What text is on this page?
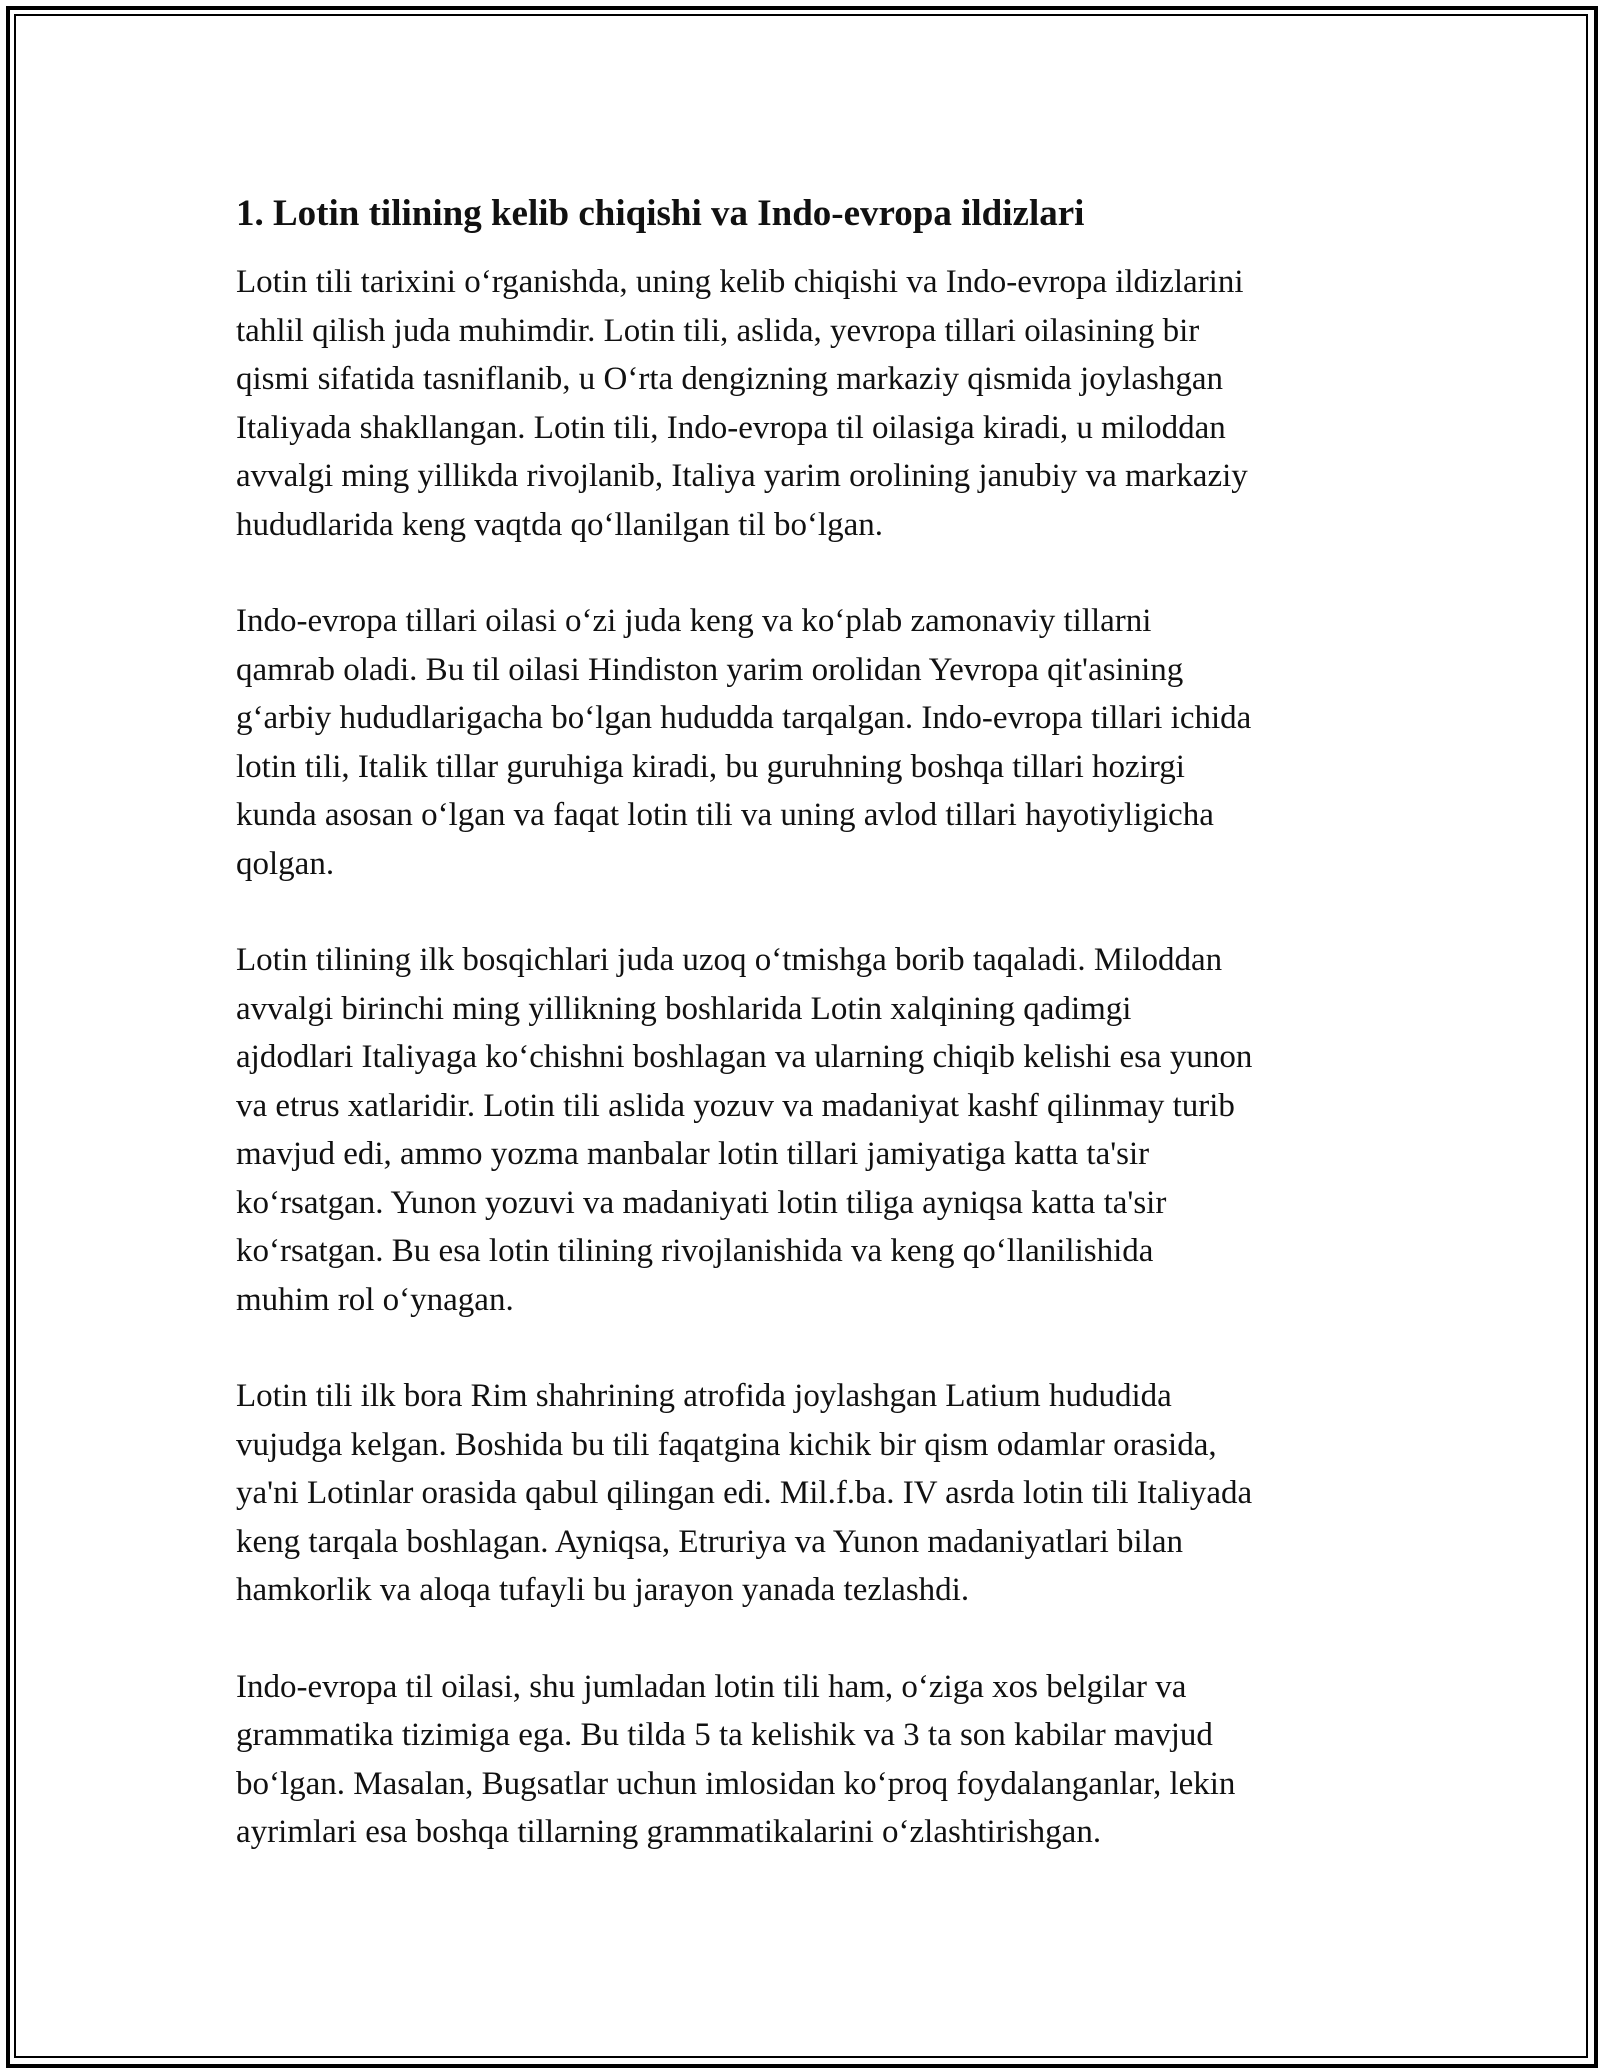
1. Lotin tilining kelib chiqishi va Indo-evropa ildizlari

Lotin tili tarixini o‘rganishda, uning kelib chiqishi va Indo-evropa ildizlarini
tahlil qilish juda muhimdir. Lotin tili, aslida, yevropa tillari oilasining bir
qismi sifatida tasniflanib, u O‘rta dengizning markaziy qismida joylashgan
Italiyada shakllangan. Lotin tili, Indo-evropa til oilasiga kiradi, u miloddan
avvalgi ming yillikda rivojlanib, Italiya yarim orolining janubiy va markaziy
hududlarida keng vaqtda qo‘llanilgan til bo‘lgan.

Indo-evropa tillari oilasi o‘zi juda keng va ko‘plab zamonaviy tillarni
qamrab oladi. Bu til oilasi Hindiston yarim orolidan Yevropa qit'asining
g‘arbiy hududlarigacha bo‘lgan hududda tarqalgan. Indo-evropa tillari ichida
lotin tili, Italik tillar guruhiga kiradi, bu guruhning boshqa tillari hozirgi
kunda asosan o‘lgan va faqat lotin tili va uning avlod tillari hayotiyligicha
qolgan.

Lotin tilining ilk bosqichlari juda uzoq o‘tmishga borib taqaladi. Miloddan
avvalgi birinchi ming yillikning boshlarida Lotin xalqining qadimgi
ajdodlari Italiyaga ko‘chishni boshlagan va ularning chiqib kelishi esa yunon
va etrus xatlaridir. Lotin tili aslida yozuv va madaniyat kashf qilinmay turib
mavjud edi, ammo yozma manbalar lotin tillari jamiyatiga katta ta'sir
ko‘rsatgan. Yunon yozuvi va madaniyati lotin tiliga ayniqsa katta ta'sir
ko‘rsatgan. Bu esa lotin tilining rivojlanishida va keng qo‘llanilishida
muhim rol o‘ynagan.

Lotin tili ilk bora Rim shahrining atrofida joylashgan Latium hududida
vujudga kelgan. Boshida bu tili faqatgina kichik bir qism odamlar orasida,
ya'ni Lotinlar orasida qabul qilingan edi. Mil.f.ba. IV asrda lotin tili Italiyada
keng tarqala boshlagan. Ayniqsa, Etruriya va Yunon madaniyatlari bilan
hamkorlik va aloqa tufayli bu jarayon yanada tezlashdi.

Indo-evropa til oilasi, shu jumladan lotin tili ham, o‘ziga xos belgilar va
grammatika tizimiga ega. Bu tilda 5 ta kelishik va 3 ta son kabilar mavjud
bo‘lgan. Masalan, Bugsatlar uchun imlosidan ko‘proq foydalanganlar, lekin
ayrimlari esa boshqa tillarning grammatikalarini o‘zlashtirishgan.
